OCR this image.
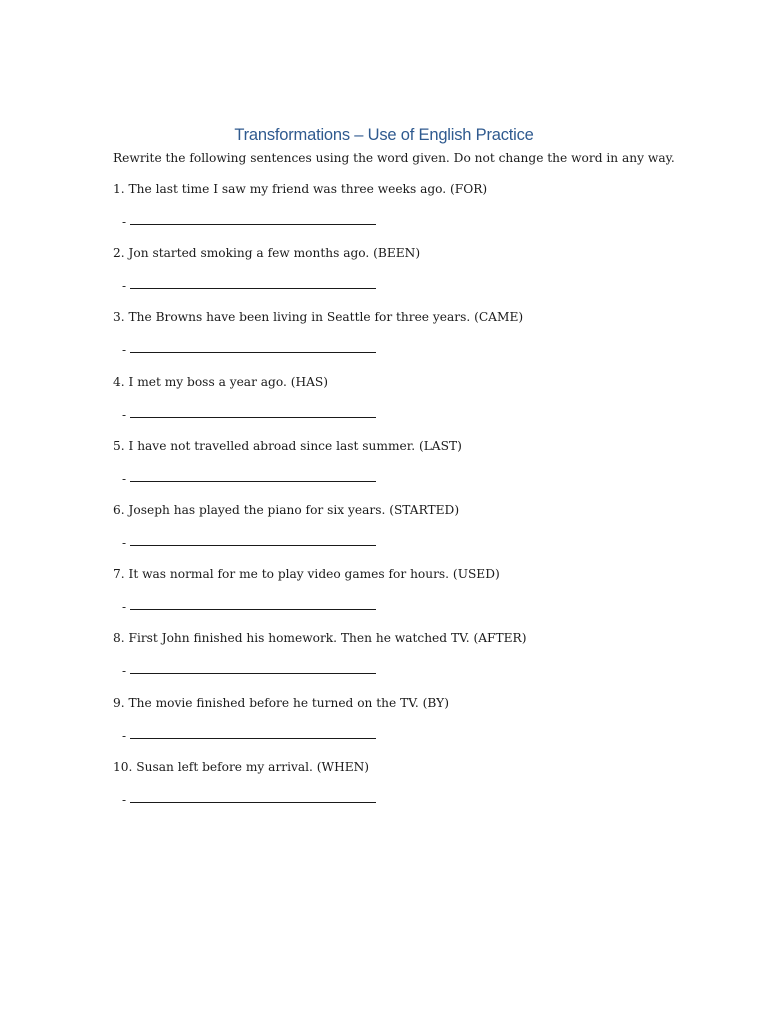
Transformations – Use of English Practice
Rewrite the following sentences using the word given. Do not change the word in any way.
1. The last time I saw my friend was three weeks ago. (FOR)
-
2. Jon started smoking a few months ago. (BEEN)
-
3. The Browns have been living in Seattle for three years. (CAME)
-
4. I met my boss a year ago. (HAS)
-
5. I have not travelled abroad since last summer. (LAST)
-
6. Joseph has played the piano for six years. (STARTED)
-
7. It was normal for me to play video games for hours. (USED)
-
8. First John finished his homework. Then he watched TV. (AFTER)
-
9. The movie finished before he turned on the TV. (BY)
-
10. Susan left before my arrival. (WHEN)
-
